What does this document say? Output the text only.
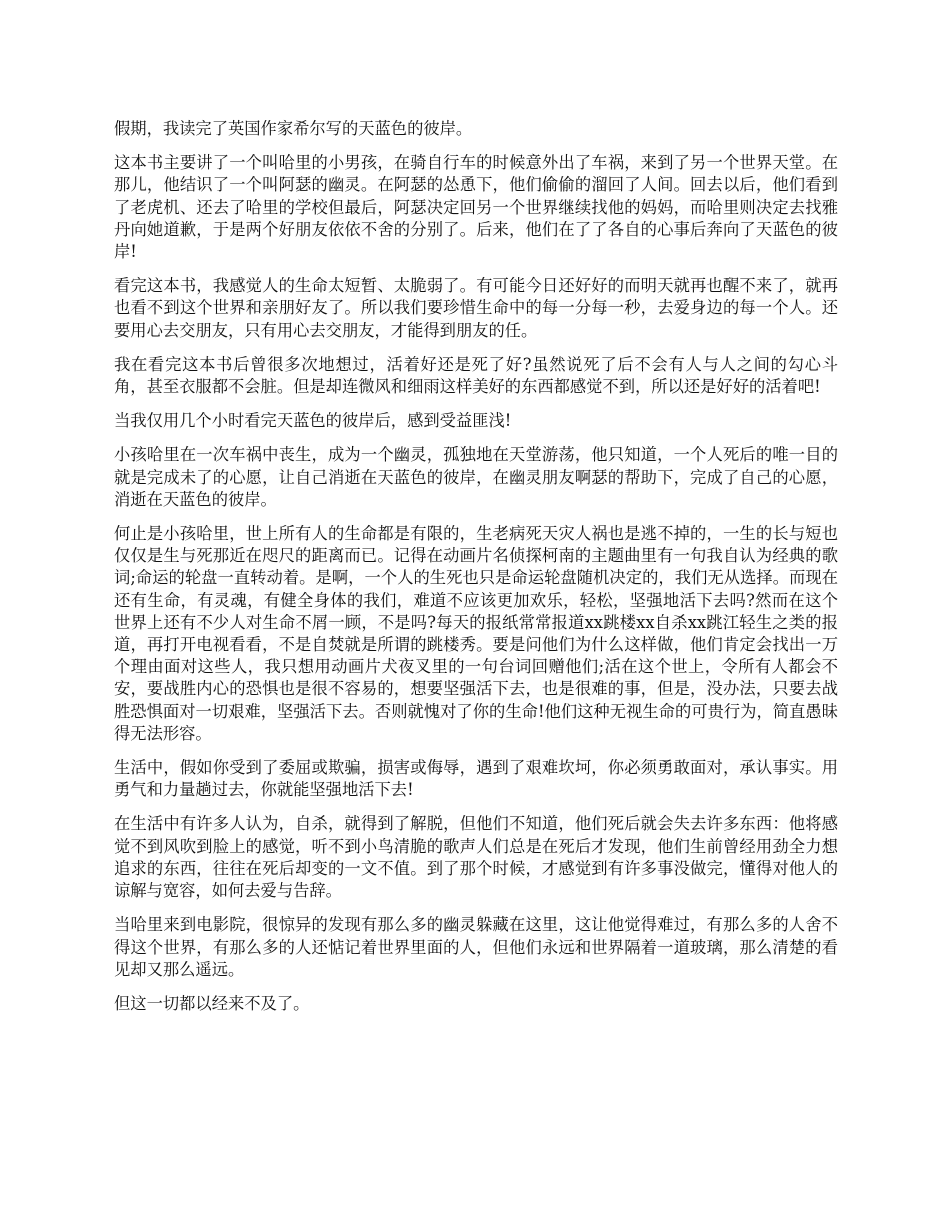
假期，我读完了英国作家希尔写的天蓝色的彼岸。

这本书主要讲了一个叫哈里的小男孩，在骑自行车的时候意外出了车祸，来到了另一个世界天堂。在那儿，他结识了一个叫阿瑟的幽灵。在阿瑟的怂恿下，他们偷偷的溜回了人间。回去以后，他们看到了老虎机、还去了哈里的学校但最后，阿瑟决定回另一个世界继续找他的妈妈，而哈里则决定去找雅丹向她道歉，于是两个好朋友依依不舍的分别了。后来，他们在了了各自的心事后奔向了天蓝色的彼岸!

看完这本书，我感觉人的生命太短暂、太脆弱了。有可能今日还好好的而明天就再也醒不来了，就再也看不到这个世界和亲朋好友了。所以我们要珍惜生命中的每一分每一秒，去爱身边的每一个人。还要用心去交朋友，只有用心去交朋友，才能得到朋友的任。

我在看完这本书后曾很多次地想过，活着好还是死了好?虽然说死了后不会有人与人之间的勾心斗角，甚至衣服都不会脏。但是却连微风和细雨这样美好的东西都感觉不到，所以还是好好的活着吧!

当我仅用几个小时看完天蓝色的彼岸后，感到受益匪浅!

小孩哈里在一次车祸中丧生，成为一个幽灵，孤独地在天堂游荡，他只知道，一个人死后的唯一目的就是完成未了的心愿，让自己消逝在天蓝色的彼岸，在幽灵朋友啊瑟的帮助下，完成了自己的心愿，消逝在天蓝色的彼岸。

何止是小孩哈里，世上所有人的生命都是有限的，生老病死天灾人祸也是逃不掉的，一生的长与短也仅仅是生与死那近在咫尺的距离而已。记得在动画片名侦探柯南的主题曲里有一句我自认为经典的歌词;命运的轮盘一直转动着。是啊，一个人的生死也只是命运轮盘随机决定的，我们无从选择。而现在还有生命，有灵魂，有健全身体的我们，难道不应该更加欢乐，轻松，坚强地活下去吗?然而在这个世界上还有不少人对生命不屑一顾，不是吗?每天的报纸常常报道xx跳楼xx自杀xx跳江轻生之类的报道，再打开电视看看，不是自焚就是所谓的跳楼秀。要是问他们为什么这样做，他们肯定会找出一万个理由面对这些人，我只想用动画片犬夜叉里的一句台词回赠他们;活在这个世上，令所有人都会不安，要战胜内心的恐惧也是很不容易的，想要坚强活下去，也是很难的事，但是，没办法，只要去战胜恐惧面对一切艰难，坚强活下去。否则就愧对了你的生命!他们这种无视生命的可贵行为，简直愚昧得无法形容。

生活中，假如你受到了委屈或欺骗，损害或侮辱，遇到了艰难坎坷，你必须勇敢面对，承认事实。用勇气和力量趟过去，你就能坚强地活下去!

在生活中有许多人认为，自杀，就得到了解脱，但他们不知道，他们死后就会失去许多东西：他将感觉不到风吹到脸上的感觉，听不到小鸟清脆的歌声人们总是在死后才发现，他们生前曾经用劲全力想追求的东西，往往在死后却变的一文不值。到了那个时候，才感觉到有许多事没做完，懂得对他人的谅解与宽容，如何去爱与告辞。

当哈里来到电影院，很惊异的发现有那么多的幽灵躲藏在这里，这让他觉得难过，有那么多的人舍不得这个世界，有那么多的人还惦记着世界里面的人，但他们永远和世界隔着一道玻璃，那么清楚的看见却又那么遥远。

但这一切都以经来不及了。
